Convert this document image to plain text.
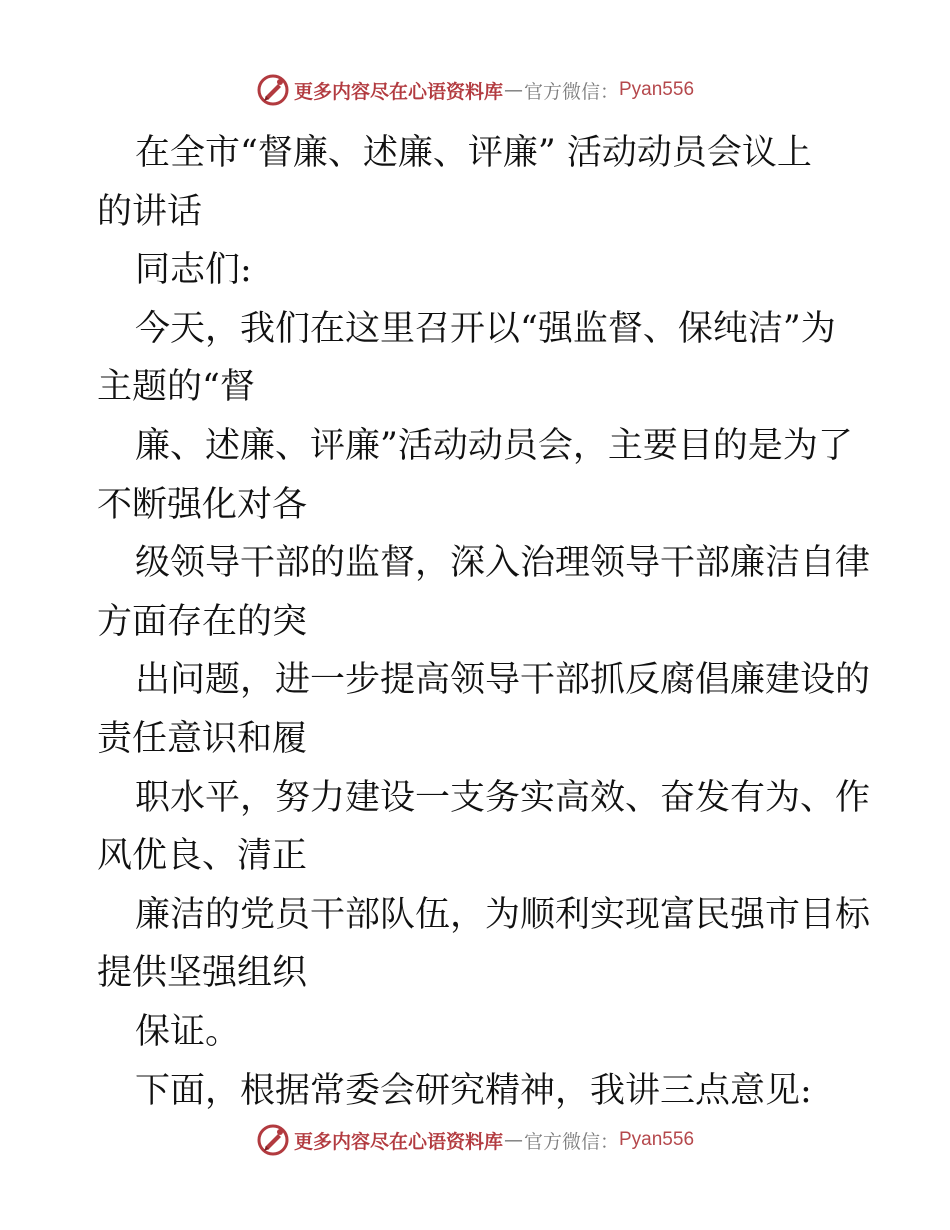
更多内容尽在心语资料库 — 官方微信： Pyan556
在全市“督廉、述廉、评廉” 活动动员会议上
的讲话
同志们:
今天，我们在这里召开以“强监督、保纯洁”为
主题的“督
廉、述廉、评廉”活动动员会，主要目的是为了
不断强化对各
级领导干部的监督，深入治理领导干部廉洁自律
方面存在的突
出问题，进一步提高领导干部抓反腐倡廉建设的
责任意识和履
职水平，努力建设一支务实高效、奋发有为、作
风优良、清正
廉洁的党员干部队伍，为顺利实现富民强市目标
提供坚强组织
保证。
下面，根据常委会研究精神，我讲三点意见:
更多内容尽在心语资料库 — 官方微信： Pyan556
